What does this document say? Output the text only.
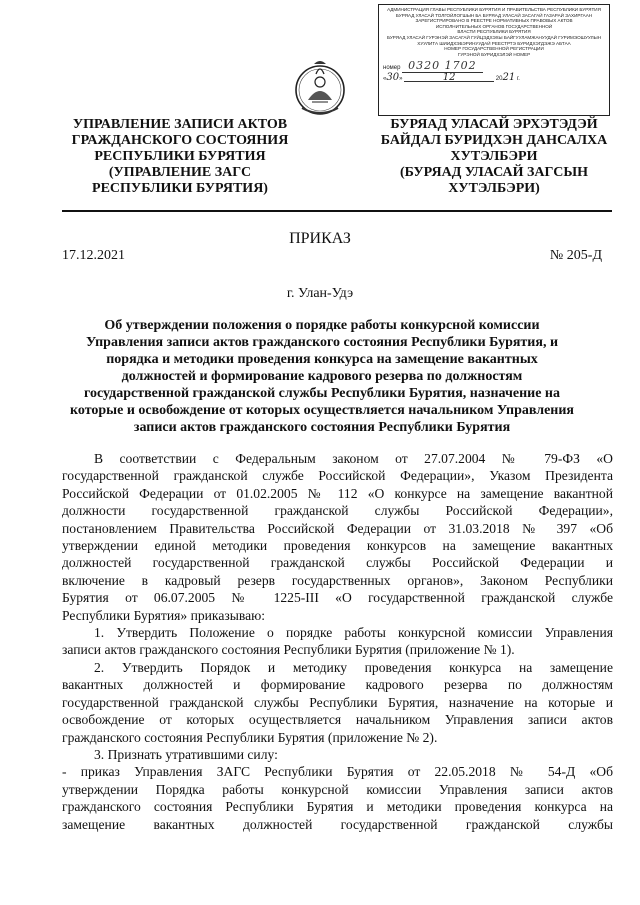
АДМИНИСТРАЦИЯ ГЛАВЫ РЕСПУБЛИКИ БУРЯТИЯ И ПРАВИТЕЛЬСТВА РЕСПУБЛИКИ БУРЯТИЯ
БУРЯАД УЛАСАЙ ТОЛГОЙЛОГШЫН БА БУРЯАД УЛАСАЙ ЗАСАГАЙ ГАЗАРАЙ ЗАХИРГААН
ЗАРЕГИСТРИРОВАНО В РЕЕСТРЕ НОРМАТИВНЫХ ПРАВОВЫХ АКТОВ
ИСПОЛНИТЕЛЬНЫХ ОРГАНОВ ГОСУДАРСТВЕННОЙ
ВЛАСТИ РЕСПУБЛИКИ БУРЯТИЯ
БУРЯАД УЛАСАЙ ГУРЭНЭЙ ЗАСАГАЙ ГУЙЦЭДХЭХЫ БАЙГУУЛАМЖАНУУДАЙ ГУРИМЭОШУУЛЫН
ХУУЛИТА ШИИДХЭБЭРИНУУДАЙ РЕЕСТРТЭ БУРИДХЭГДЭЖЭ АБТАА
НОМЕР ГОСУДАРСТВЕННОЙ РЕГИСТРАЦИИ
ГУРЭНОЙ БУРИДХЭЛЭЙ НОМЕР
номер 0320 1702
«30»	12	2021 г.
УПРАВЛЕНИЕ ЗАПИСИ АКТОВ
ГРАЖДАНСКОГО СОСТОЯНИЯ
РЕСПУБЛИКИ БУРЯТИЯ
(УПРАВЛЕНИЕ ЗАГС
РЕСПУБЛИКИ БУРЯТИЯ)
БУРЯАД УЛАСАЙ ЭРХЭТЭДЭЙ
БАЙДАЛ БУРИДХЭН ДАНСАЛХА
ХУТЭЛБЭРИ
(БУРЯАД УЛАСАЙ ЗАГСЫН
ХУТЭЛБЭРИ)
ПРИКАЗ
17.12.2021	№ 205-Д
г. Улан-Удэ
Об утверждении положения о порядке работы конкурсной комиссии
Управления записи актов гражданского состояния Республики Бурятия, и
порядка и методики проведения конкурса на замещение вакантных
должностей и формирование кадрового резерва по должностям
государственной гражданской службы Республики Бурятия, назначение на
которые и освобождение от которых осуществляется начальником Управления
записи актов гражданского состояния Республики Бурятия
В соответствии с Федеральным законом от 27.07.2004 № 79-ФЗ «О
государственной гражданской службе Российской Федерации», Указом Президента
Российской Федерации от 01.02.2005 № 112 «О конкурсе на замещение вакантной
должности государственной гражданской службы Российской Федерации»,
постановлением Правительства Российской Федерации от 31.03.2018 № 397 «Об
утверждении единой методики проведения конкурсов на замещение вакантных
должностей государственной гражданской службы Российской Федерации и
включение в кадровый резерв государственных органов», Законом Республики
Бурятия от 06.07.2005 № 1225-III «О государственной гражданской службе
Республики Бурятия» приказываю:
1. Утвердить Положение о порядке работы конкурсной комиссии Управления
записи актов гражданского состояния Республики Бурятия (приложение № 1).
2. Утвердить Порядок и методику проведения конкурса на замещение
вакантных должностей и формирование кадрового резерва по должностям
государственной гражданской службы Республики Бурятия, назначение на которые и
освобождение от которых осуществляется начальником Управления записи актов
гражданского состояния Республики Бурятия (приложение № 2).
3. Признать утратившими силу:
- приказ Управления ЗАГС Республики Бурятия от 22.05.2018 № 54-Д «Об
утверждении Порядка работы конкурсной комиссии Управления записи актов
гражданского состояния Республики Бурятия и методики проведения конкурса на
замещение вакантных должностей государственной гражданской службы
